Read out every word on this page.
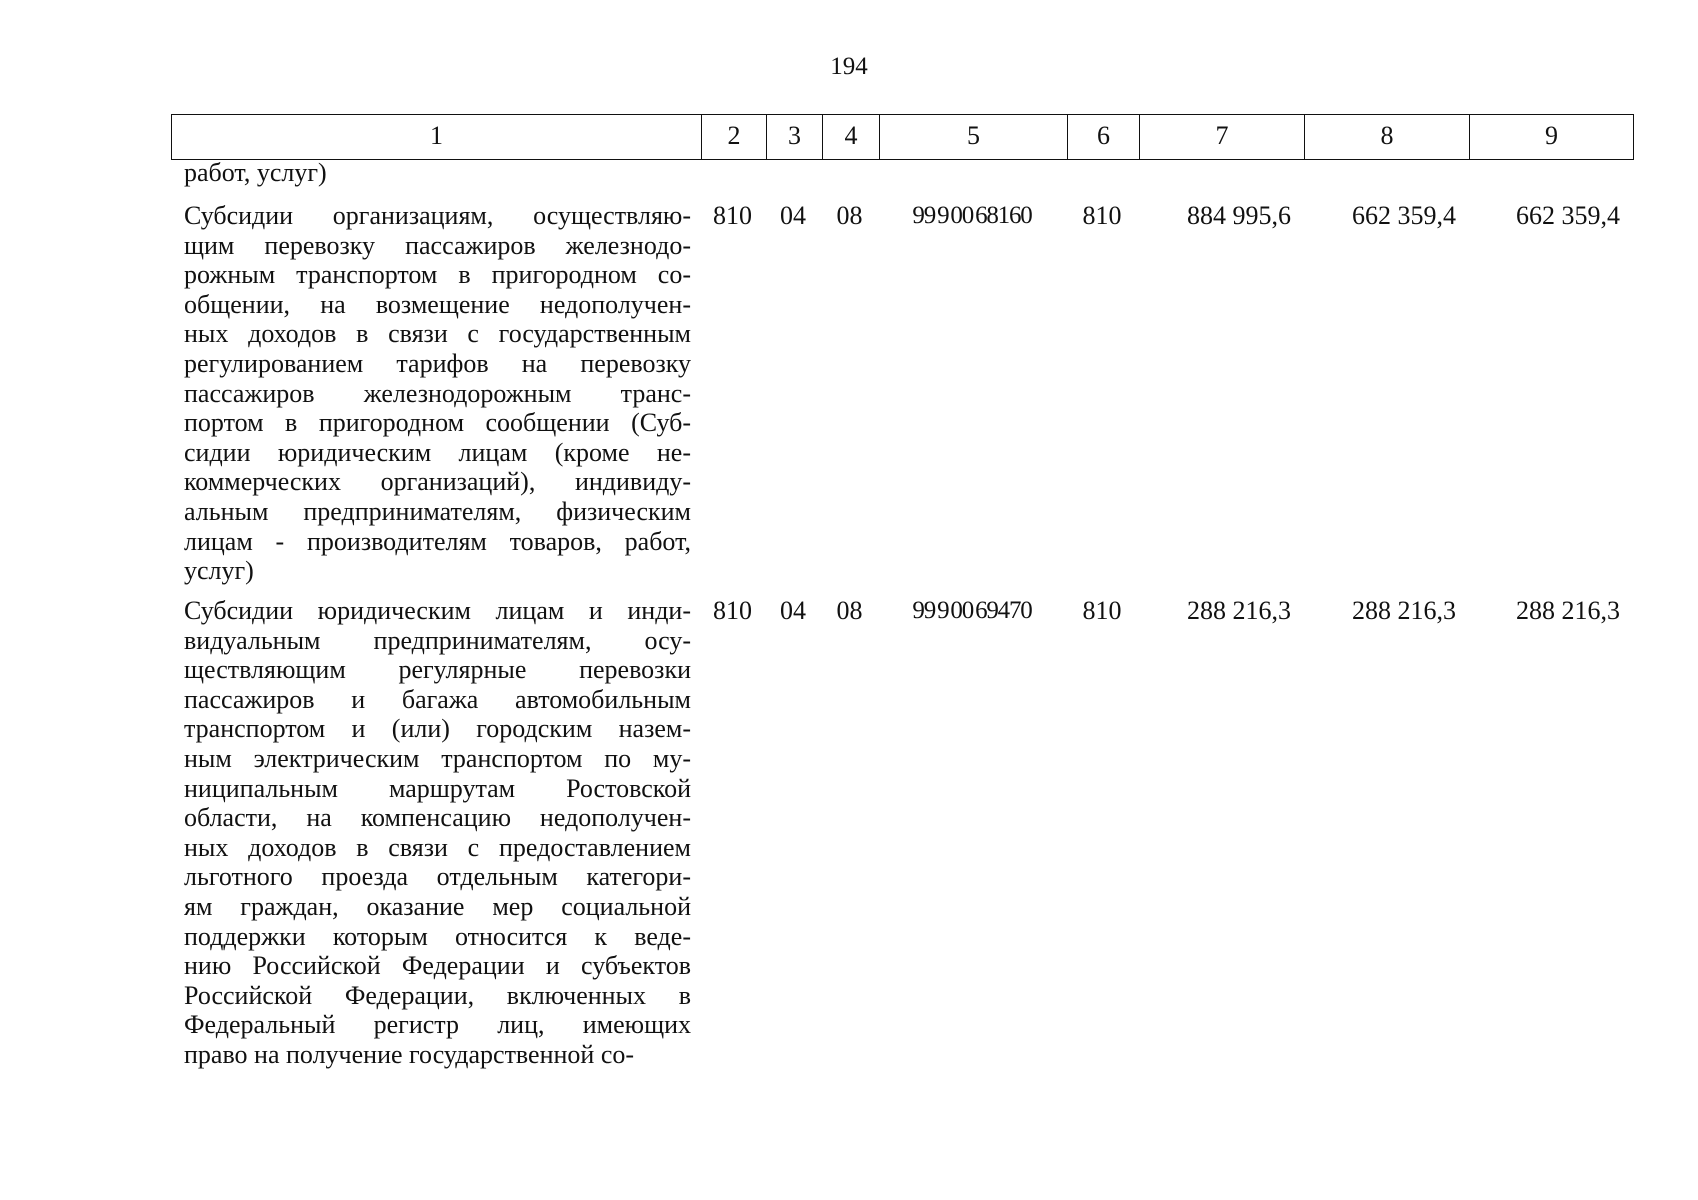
194
1	2	3	4	5	6	7	8	9
работ, услуг)
Субсидии организациям, осуществляю-
щим перевозку пассажиров железнодо-
рожным транспортом в пригородном со-
общении, на возмещение недополучен-
ных доходов в связи с государственным
регулированием тарифов на перевозку
пассажиров железнодорожным транс-
портом в пригородном сообщении (Суб-
сидии юридическим лицам (кроме не-
коммерческих организаций), индивиду-
альным предпринимателям, физическим
лицам - производителям товаров, работ,
услуг)
810	04	08	99 9 00 68160	810	884 995,6	662 359,4	662 359,4
Субсидии юридическим лицам и инди-
видуальным предпринимателям, осу-
ществляющим регулярные перевозки
пассажиров и багажа автомобильным
транспортом и (или) городским назем-
ным электрическим транспортом по му-
ниципальным маршрутам Ростовской
области, на компенсацию недополучен-
ных доходов в связи с предоставлением
льготного проезда отдельным категори-
ям граждан, оказание мер социальной
поддержки которым относится к веде-
нию Российской Федерации и субъектов
Российской Федерации, включенных в
Федеральный регистр лиц, имеющих
право на получение государственной со-
810	04	08	99 9 00 69470	810	288 216,3	288 216,3	288 216,3
